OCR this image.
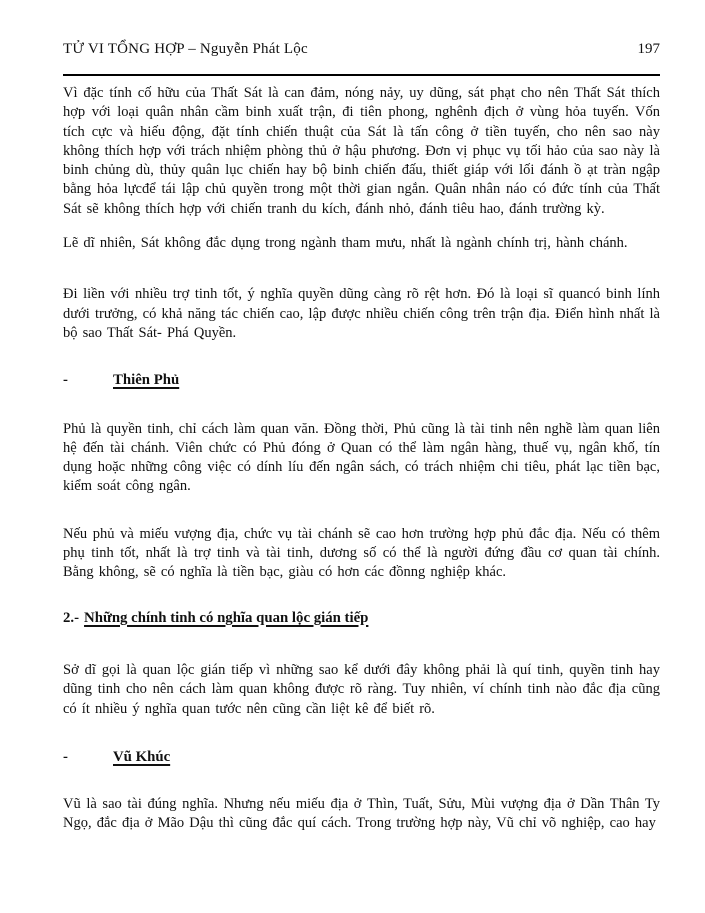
TỬ VI TỔNG HỢP – Nguyễn Phát Lộc	197

Vì đặc tính cố hữu của Thất Sát là can đảm, nóng nảy, uy dũng, sát phạt cho nên Thất Sát thích hợp với loại quân nhân cầm binh xuất trận, đi tiên phong, nghênh địch ở vùng hỏa tuyến. Vốn tích cực và hiếu động, đặt tính chiến thuật của Sát là tấn công ở tiền tuyến, cho nên sao này không thích hợp với trách nhiệm phòng thủ ở hậu phương. Đơn vị phục vụ tối hảo của sao này là binh chủng dù, thủy quân lục chiến hay bộ binh chiến đấu, thiết giáp với lối đánh ồ ạt tràn ngập bằng hỏa lựcđể tái lập chủ quyền trong một thời gian ngắn. Quân nhân náo có đức tính của Thất Sát sẽ không thích hợp với chiến tranh du kích, đánh nhỏ, đánh tiêu hao, đánh trường kỳ.

Lẽ dĩ nhiên, Sát không đắc dụng trong ngành tham mưu, nhất là ngành chính trị, hành chánh.

Đi liền với nhiều trợ tinh tốt, ý nghĩa quyền dũng càng rõ rệt hơn. Đó là loại sĩ quancó binh lính dưới trưởng, có khả năng tác chiến cao, lập được nhiều chiến công trên trận địa. Điển hình nhất là bộ sao Thất Sát- Phá Quyền.

-	Thiên Phủ

Phủ là quyền tinh, chỉ cách làm quan văn. Đồng thời, Phủ cũng là tài tinh nên nghề làm quan liên hệ đến tài chánh. Viên chức có Phủ đóng ở Quan có thể làm ngân hàng, thuế vụ, ngân khố, tín dụng hoặc những công việc có dính líu đến ngân sách, có trách nhiệm chi tiêu, phát lạc tiền bạc, kiểm soát công ngân.

Nếu phủ và miếu vượng địa, chức vụ tài chánh sẽ cao hơn trường hợp phủ đắc địa. Nếu có thêm phụ tinh tốt, nhất là trợ tinh và tài tinh, dương số có thể là người đứng đầu cơ quan tài chính. Bằng không, sẽ có nghĩa là tiền bạc, giàu có hơn các đồnng nghiệp khác.

2.- Những chính tinh có nghĩa quan lộc gián tiếp

Sở dĩ gọi là quan lộc gián tiếp vì những sao kể dưới đây không phải là quí tinh, quyền tinh hay dũng tinh cho nên cách làm quan không được rõ ràng. Tuy nhiên, ví chính tinh nào đắc địa cũng có ít nhiều ý nghĩa quan tước nên cũng cần liệt kê để biết rõ.

-	Vũ Khúc

Vũ là sao tài đúng nghĩa. Nhưng nếu miếu địa ở Thìn, Tuất, Sửu, Mùi vượng địa ở Dần Thân Ty Ngọ, đắc địa ở Mão Dậu thì cũng đắc quí cách. Trong trường hợp này, Vũ chỉ võ nghiệp, cao hay
